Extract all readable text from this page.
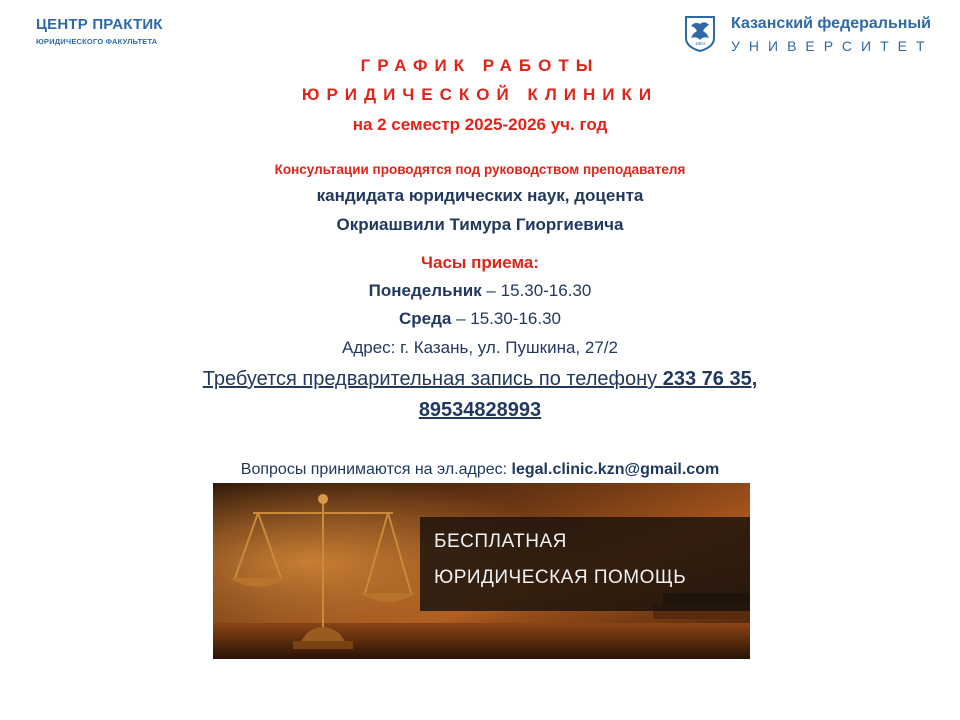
ЦЕНТР ПРАКТИК
ЮРИДИЧЕСКОГО ФАКУЛЬТЕТА	1804
Казанский федеральный
УНИВЕРСИТЕТ
ГРАФИК РАБОТЫ
ЮРИДИЧЕСКОЙ КЛИНИКИ
на 2 семестр 2025-2026 уч. год
Консультации проводятся под руководством преподавателя
кандидата юридических наук, доцента
Окриашвили Тимура Гиоргиевича
Часы приема:
Понедельник – 15.30-16.30
Среда – 15.30-16.30
Адрес: г. Казань, ул. Пушкина, 27/2
Требуется предварительная запись по телефону 233 76 35,
89534828993
Вопросы принимаются на эл.адрес: legal.clinic.kzn@gmail.com
БЕСПЛАТНАЯ
ЮРИДИЧЕСКАЯ ПОМОЩЬ
